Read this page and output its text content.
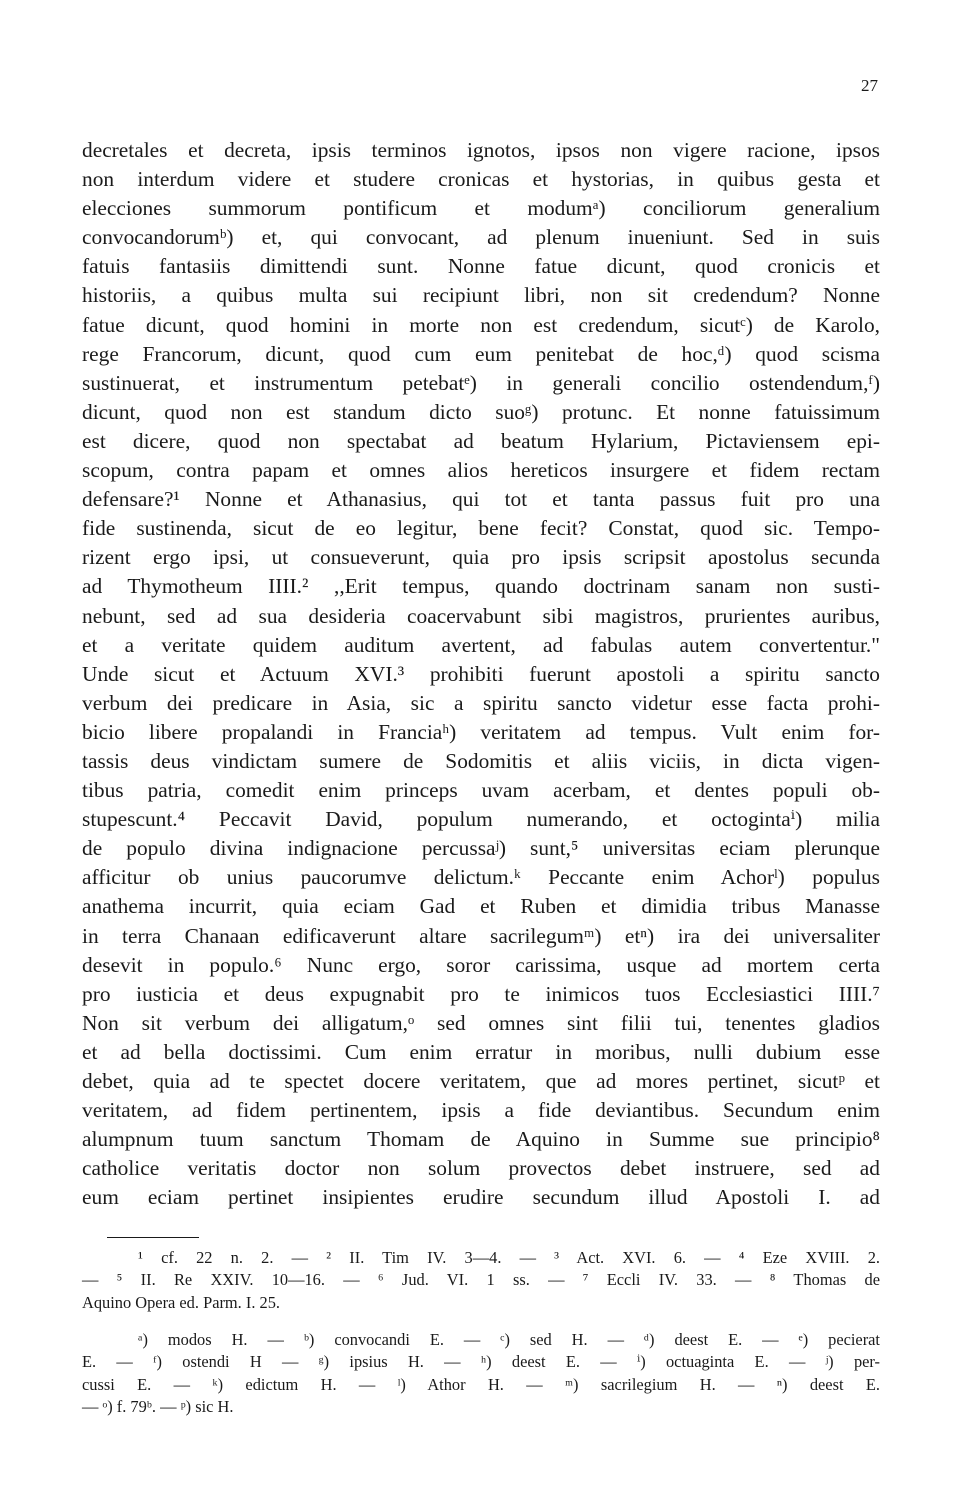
27
decretales et decreta, ipsis terminos ignotos, ipsos non vigere racione, ipsos
non interdum videre et studere cronicas et hystorias, in quibus gesta et
elecciones summorum pontificum et modumᵃ) conciliorum generalium
convocandorumᵇ) et, qui convocant, ad plenum inueniunt. Sed in suis
fatuis fantasiis dimittendi sunt. Nonne fatue dicunt, quod cronicis et
historiis, a quibus multa sui recipiunt libri, non sit credendum? Nonne
fatue dicunt, quod homini in morte non est credendum, sicutᶜ) de Karolo,
rege Francorum, dicunt, quod cum eum penitebat de hoc,ᵈ) quod scisma
sustinuerat, et instrumentum petebatᵉ) in generali concilio ostendendum,ᶠ)
dicunt, quod non est standum dicto suoᵍ) protunc. Et nonne fatuissimum
est dicere, quod non spectabat ad beatum Hylarium, Pictaviensem epi-
scopum, contra papam et omnes alios hereticos insurgere et fidem rectam
defensare?¹ Nonne et Athanasius, qui tot et tanta passus fuit pro una
fide sustinenda, sicut de eo legitur, bene fecit? Constat, quod sic. Tempo-
rizent ergo ipsi, ut consueverunt, quia pro ipsis scripsit apostolus secunda
ad Thymotheum IIII.² ,,Erit tempus, quando doctrinam sanam non susti-
nebunt, sed ad sua desideria coacervabunt sibi magistros, prurientes auribus,
et a veritate quidem auditum avertent, ad fabulas autem convertentur."
Unde sicut et Actuum XVI.³ prohibiti fuerunt apostoli a spiritu sancto
verbum dei predicare in Asia, sic a spiritu sancto videtur esse facta prohi-
bicio libere propalandi in Franciaʰ) veritatem ad tempus. Vult enim for-
tassis deus vindictam sumere de Sodomitis et aliis viciis, in dicta vigen-
tibus patria, comedit enim princeps uvam acerbam, et dentes populi ob-
stupescunt.⁴ Peccavit David, populum numerando, et octogintaⁱ) milia
de populo divina indignacione percussaʲ) sunt,⁵ universitas eciam plerunque
afficitur ob unius paucorumve delictum.ᵏ Peccante enim Achorˡ) populus
anathema incurrit, quia eciam Gad et Ruben et dimidia tribus Manasse
in terra Chanaan edificaverunt altare sacrilegumᵐ) etⁿ) ira dei universaliter
desevit in populo.⁶ Nunc ergo, soror carissima, usque ad mortem certa
pro iusticia et deus expugnabit pro te inimicos tuos Ecclesiastici IIII.⁷
Non sit verbum dei alligatum,ᵒ sed omnes sint filii tui, tenentes gladios
et ad bella doctissimi. Cum enim erratur in moribus, nulli dubium esse
debet, quia ad te spectet docere veritatem, que ad mores pertinet, sicutᵖ et
veritatem, ad fidem pertinentem, ipsis a fide deviantibus. Secundum enim
alumpnum tuum sanctum Thomam de Aquino in Summe sue principio⁸
catholice veritatis doctor non solum provectos debet instruere, sed ad
eum eciam pertinet insipientes erudire secundum illud Apostoli I. ad
¹ cf. 22 n. 2. — ² II. Tim IV. 3—4. — ³ Act. XVI. 6. — ⁴ Eze XVIII. 2.
— ⁵ II. Re XXIV. 10—16. — ⁶ Jud. VI. 1 ss. — ⁷ Eccli IV. 33. — ⁸ Thomas de
Aquino Opera ed. Parm. I. 25.
ᵃ) modos H. — ᵇ) convocandi E. — ᶜ) sed H. — ᵈ) deest E. — ᵉ) pecierat
E. — ᶠ) ostendi H — ᵍ) ipsius H. — ʰ) deest E. — ⁱ) octuaginta E. — ʲ) per-
cussi E. — ᵏ) edictum H. — ˡ) Athor H. — ᵐ) sacrilegium H. — ⁿ) deest E.
— ᵒ) f. 79ᵇ. — ᵖ) sic H.
